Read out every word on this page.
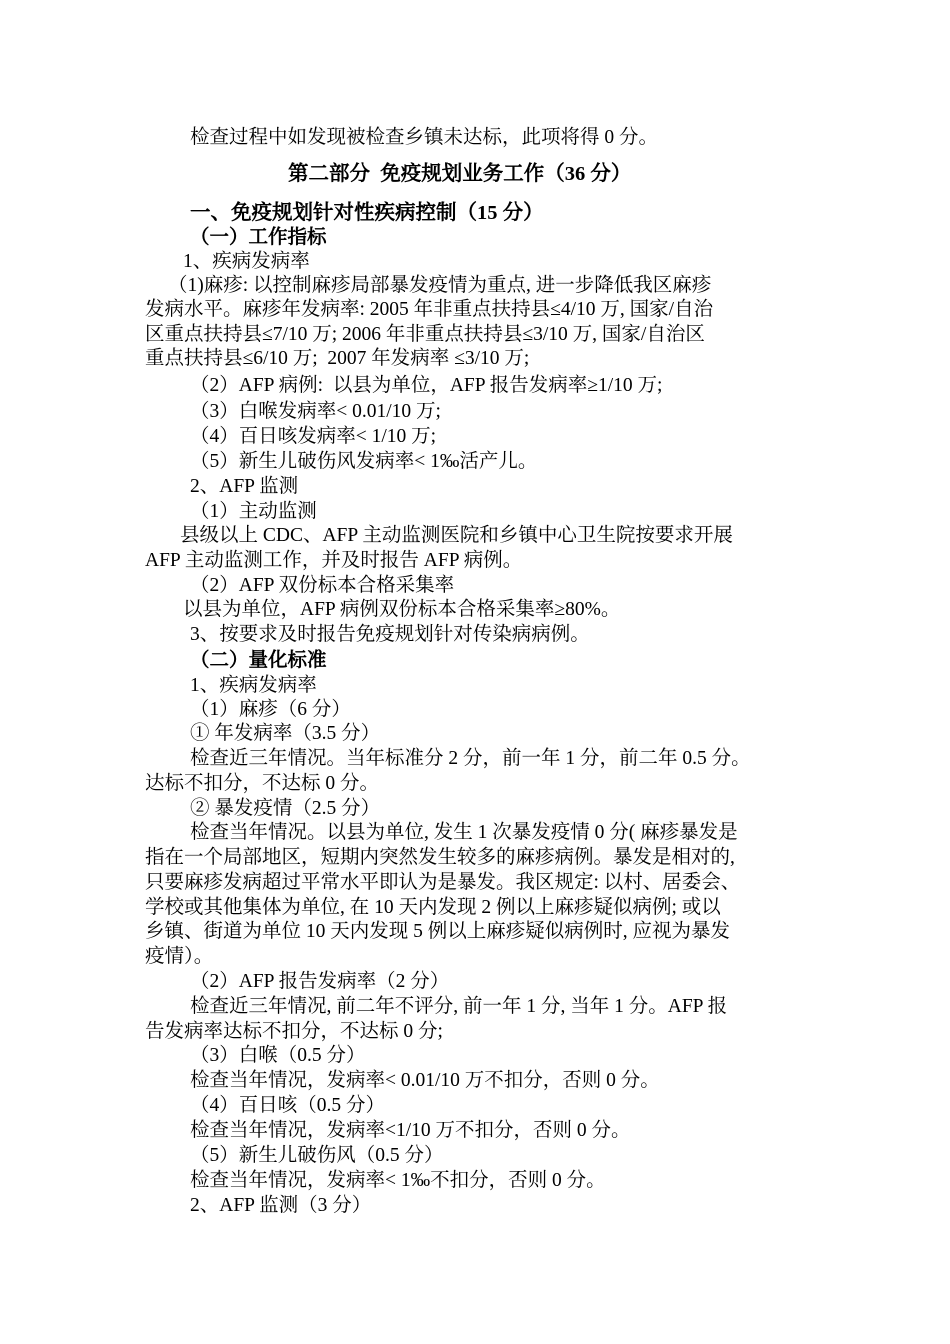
检查过程中如发现被检查乡镇未达标，此项将得 0 分。
第二部分  免疫规划业务工作（36 分）
一、免疫规划针对性疾病控制（15 分）
（一）工作指标
1、疾病发病率
（1)麻疹: 以控制麻疹局部暴发疫情为重点, 进一步降低我区麻疹
发病水平。麻疹年发病率: 2005 年非重点扶持县≤4/10 万, 国家/自治
区重点扶持县≤7/10 万; 2006 年非重点扶持县≤3/10 万, 国家/自治区
重点扶持县≤6/10 万;  2007 年发病率 ≤3/10 万;
（2）AFP 病例:  以县为单位，AFP 报告发病率≥1/10 万;
（3）白喉发病率< 0.01/10 万;
（4）百日咳发病率< 1/10 万;
（5）新生儿破伤风发病率< 1‰活产儿。
2、AFP 监测
（1）主动监测
县级以上 CDC、AFP 主动监测医院和乡镇中心卫生院按要求开展
AFP 主动监测工作，并及时报告 AFP 病例。
（2）AFP 双份标本合格采集率
以县为单位，AFP 病例双份标本合格采集率≥80%。
3、按要求及时报告免疫规划针对传染病病例。
（二）量化标准
1、疾病发病率
（1）麻疹（6 分）
① 年发病率（3.5 分）
检查近三年情况。当年标准分 2 分，前一年 1 分，前二年 0.5 分。
达标不扣分，不达标 0 分。
② 暴发疫情（2.5 分）
检查当年情况。以县为单位, 发生 1 次暴发疫情 0 分( 麻疹暴发是
指在一个局部地区，短期内突然发生较多的麻疹病例。暴发是相对的,
只要麻疹发病超过平常水平即认为是暴发。我区规定: 以村、居委会、
学校或其他集体为单位, 在 10 天内发现 2 例以上麻疹疑似病例; 或以
乡镇、街道为单位 10 天内发现 5 例以上麻疹疑似病例时, 应视为暴发
疫情）。
（2）AFP 报告发病率（2 分）
检查近三年情况, 前二年不评分, 前一年 1 分, 当年 1 分。AFP 报
告发病率达标不扣分，不达标 0 分;
（3）白喉（0.5 分）
检查当年情况，发病率< 0.01/10 万不扣分，否则 0 分。
（4）百日咳（0.5 分）
检查当年情况，发病率<1/10 万不扣分，否则 0 分。
（5）新生儿破伤风（0.5 分）
检查当年情况，发病率< 1‰不扣分，否则 0 分。
2、AFP 监测（3 分）
